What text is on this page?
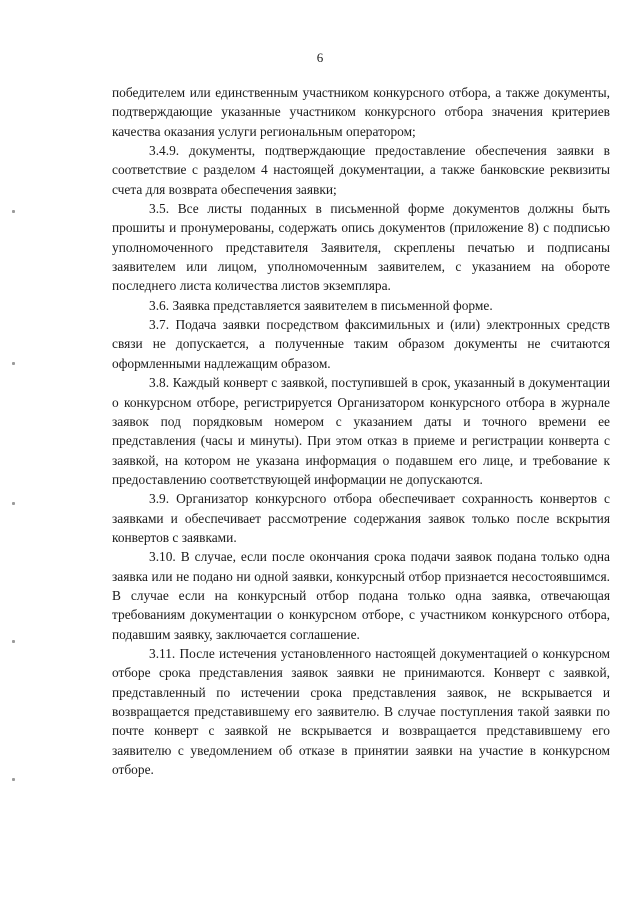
6

победителем или единственным участником конкурсного отбора, а также документы, подтверждающие указанные участником конкурсного отбора значения критериев качества оказания услуги региональным оператором;

3.4.9. документы, подтверждающие предоставление обеспечения заявки в соответствие с разделом 4 настоящей документации, а также банковские реквизиты счета для возврата обеспечения заявки;

3.5. Все листы поданных в письменной форме документов должны быть прошиты и пронумерованы, содержать опись документов (приложение 8) с подписью уполномоченного представителя Заявителя, скреплены печатью и подписаны заявителем или лицом, уполномоченным заявителем, с указанием на обороте последнего листа количества листов экземпляра.

3.6. Заявка представляется заявителем в письменной форме.

3.7. Подача заявки посредством факсимильных и (или) электронных средств связи не допускается, а полученные таким образом документы не считаются оформленными надлежащим образом.

3.8. Каждый конверт с заявкой, поступившей в срок, указанный в документации о конкурсном отборе, регистрируется Организатором конкурсного отбора в журнале заявок под порядковым номером с указанием даты и точного времени ее представления (часы и минуты). При этом отказ в приеме и регистрации конверта с заявкой, на котором не указана информация о подавшем его лице, и требование к предоставлению соответствующей информации не допускаются.

3.9. Организатор конкурсного отбора обеспечивает сохранность конвертов с заявками и обеспечивает рассмотрение содержания заявок только после вскрытия конвертов с заявками.

3.10. В случае, если после окончания срока подачи заявок подана только одна заявка или не подано ни одной заявки, конкурсный отбор признается несостоявшимся. В случае если на конкурсный отбор подана только одна заявка, отвечающая требованиям документации о конкурсном отборе, с участником конкурсного отбора, подавшим заявку, заключается соглашение.

3.11. После истечения установленного настоящей документацией о конкурсном отборе срока представления заявок заявки не принимаются. Конверт с заявкой, представленный по истечении срока представления заявок, не вскрывается и возвращается представившему его заявителю. В случае поступления такой заявки по почте конверт с заявкой не вскрывается и возвращается представившему его заявителю с уведомлением об отказе в принятии заявки на участие в конкурсном отборе.
